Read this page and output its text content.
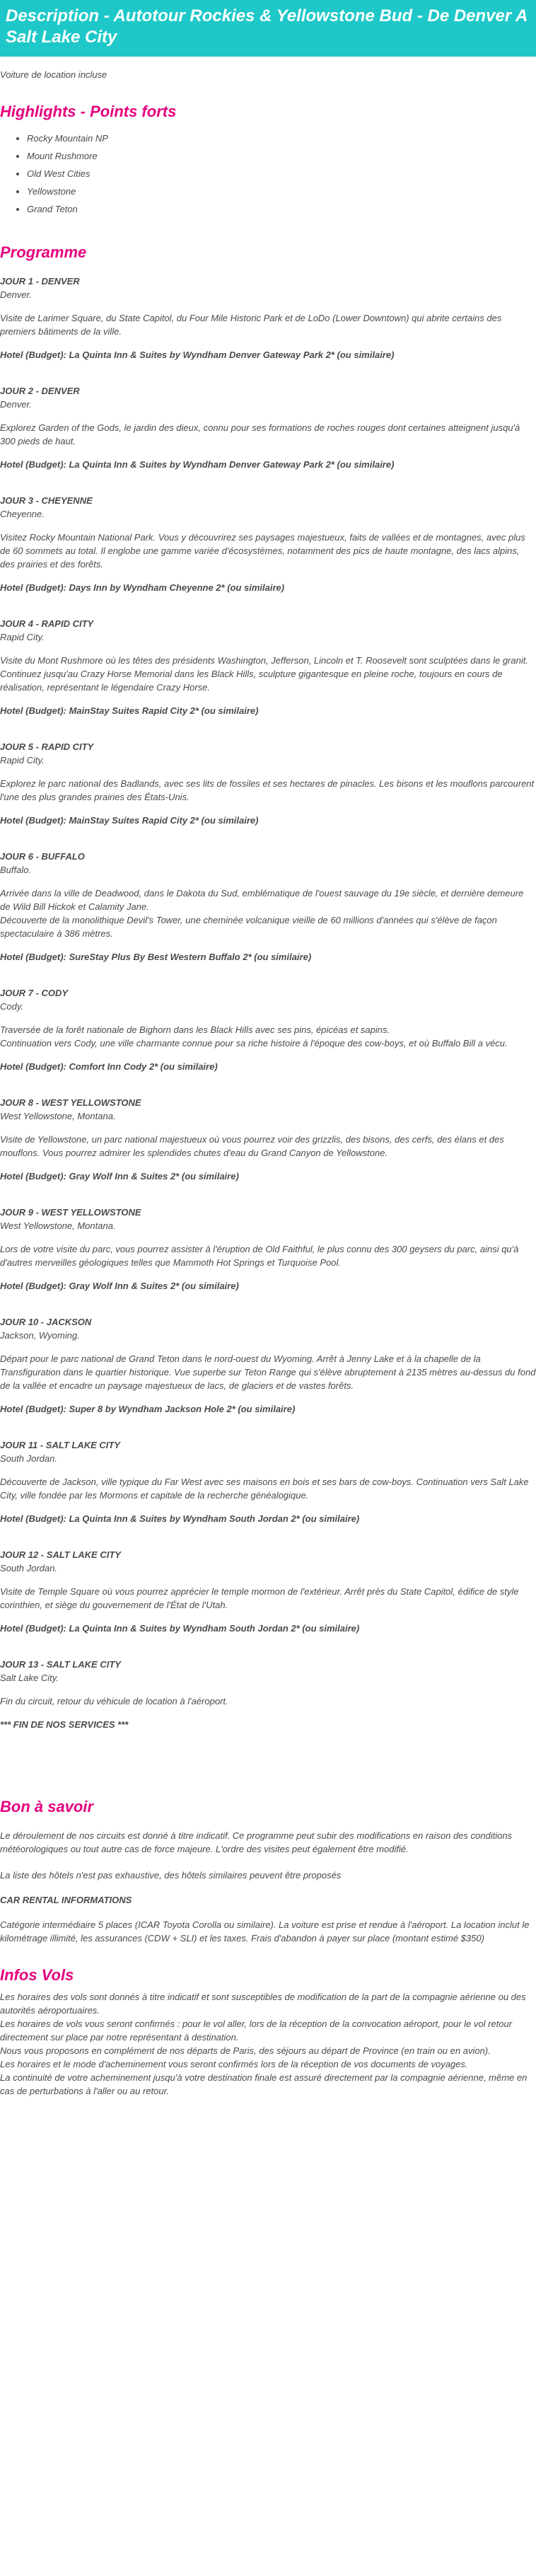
Description - Autotour Rockies & Yellowstone Bud - De Denver A Salt Lake City

Voiture de location incluse

Highlights - Points forts
• Rocky Mountain NP
• Mount Rushmore
• Old West Cities
• Yellowstone
• Grand Teton
Programme
JOUR 1 - DENVER
Denver.
Visite de Larimer Square, du State Capitol, du Four Mile Historic Park et de LoDo (Lower Downtown) qui abrite certains des premiers bâtiments de la ville.
Hotel (Budget): La Quinta Inn & Suites by Wyndham Denver Gateway Park 2* (ou similaire)
JOUR 2 - DENVER
Denver.
Explorez Garden of the Gods, le jardin des dieux, connu pour ses formations de roches rouges dont certaines atteignent jusqu'à 300 pieds de haut.
Hotel (Budget): La Quinta Inn & Suites by Wyndham Denver Gateway Park 2* (ou similaire)
JOUR 3 - CHEYENNE
Cheyenne.
Visitez Rocky Mountain National Park. Vous y découvrirez ses paysages majestueux, faits de vallées et de montagnes, avec plus de 60 sommets au total. Il englobe une gamme variée d'écosystèmes, notamment des pics de haute montagne, des lacs alpins, des prairies et des forêts.
Hotel (Budget): Days Inn by Wyndham Cheyenne 2* (ou similaire)
JOUR 4 - RAPID CITY
Rapid City.
Visite du Mont Rushmore où les têtes des présidents Washington, Jefferson, Lincoln et T. Roosevelt sont sculptées dans le granit.
Continuez jusqu'au Crazy Horse Memorial dans les Black Hills, sculpture gigantesque en pleine roche, toujours en cours de réalisation, représentant le légendaire Crazy Horse.
Hotel (Budget): MainStay Suites Rapid City 2* (ou similaire)
JOUR 5 - RAPID CITY
Rapid City.
Explorez le parc national des Badlands, avec ses lits de fossiles et ses hectares de pinacles. Les bisons et les mouflons parcourent l'une des plus grandes prairies des États-Unis.
Hotel (Budget): MainStay Suites Rapid City 2* (ou similaire)
JOUR 6 - BUFFALO
Buffalo.
Arrivée dans la ville de Deadwood, dans le Dakota du Sud, emblématique de l'ouest sauvage du 19e siècle, et dernière demeure de Wild Bill Hickok et Calamity Jane.
Découverte de la monolithique Devil's Tower, une cheminée volcanique vieille de 60 millions d'années qui s'élève de façon spectaculaire à 386 mètres.
Hotel (Budget): SureStay Plus By Best Western Buffalo 2* (ou similaire)
JOUR 7 - CODY
Cody.
Traversée de la forêt nationale de Bighorn dans les Black Hills avec ses pins, épicéas et sapins.
Continuation vers Cody, une ville charmante connue pour sa riche histoire à l'époque des cow-boys, et où Buffalo Bill a vécu.
Hotel (Budget): Comfort Inn Cody 2* (ou similaire)
JOUR 8 - WEST YELLOWSTONE
West Yellowstone, Montana.
Visite de Yellowstone, un parc national majestueux où vous pourrez voir des grizzlis, des bisons, des cerfs, des élans et des mouflons. Vous pourrez admirer les splendides chutes d'eau du Grand Canyon de Yellowstone.
Hotel (Budget): Gray Wolf Inn & Suites 2* (ou similaire)
JOUR 9 - WEST YELLOWSTONE
West Yellowstone, Montana.
Lors de votre visite du parc, vous pourrez assister à l'éruption de Old Faithful, le plus connu des 300 geysers du parc, ainsi qu'à d'autres merveilles géologiques telles que Mammoth Hot Springs et Turquoise Pool.
Hotel (Budget): Gray Wolf Inn & Suites 2* (ou similaire)
JOUR 10 - JACKSON
Jackson, Wyoming.
Départ pour le parc national de Grand Teton dans le nord-ouest du Wyoming. Arrêt à Jenny Lake et à la chapelle de la Transfiguration dans le quartier historique. Vue superbe sur Teton Range qui s'élève abruptement à 2135 mètres au-dessus du fond de la vallée et encadre un paysage majestueux de lacs, de glaciers et de vastes forêts.
Hotel (Budget): Super 8 by Wyndham Jackson Hole 2* (ou similaire)
JOUR 11 - SALT LAKE CITY
South Jordan.
Découverte de Jackson, ville typique du Far West avec ses maisons en bois et ses bars de cow-boys. Continuation vers Salt Lake City, ville fondée par les Mormons et capitale de la recherche généalogique.
Hotel (Budget): La Quinta Inn & Suites by Wyndham South Jordan 2* (ou similaire)
JOUR 12 - SALT LAKE CITY
South Jordan.
Visite de Temple Square où vous pourrez apprécier le temple mormon de l'extérieur. Arrêt près du State Capitol, édifice de style corinthien, et siège du gouvernement de l'État de l'Utah.
Hotel (Budget): La Quinta Inn & Suites by Wyndham South Jordan 2* (ou similaire)
JOUR 13 - SALT LAKE CITY
Salt Lake City.
Fin du circuit, retour du véhicule de location à l'aéroport.
*** FIN DE NOS SERVICES ***
Bon à savoir

Le déroulement de nos circuits est donné à titre indicatif. Ce programme peut subir des modifications en raison des conditions météorologiques ou tout autre cas de force majeure. L'ordre des visites peut également être modifié.

La liste des hôtels n'est pas exhaustive, des hôtels similaires peuvent être proposés

CAR RENTAL INFORMATIONS

Catégorie intermédiaire 5 places (ICAR Toyota Corolla ou similaire). La voiture est prise et rendue à l'aéroport. La location inclut le kilométrage illimité, les assurances (CDW + SLI) et les taxes. Frais d'abandon à payer sur place (montant estimé $350)

Infos Vols

Les horaires des vols sont donnés à titre indicatif et sont susceptibles de modification de la part de la compagnie aérienne ou des autorités aéroportuaires.
Les horaires de vols vous seront confirmés : pour le vol aller, lors de la réception de la convocation aéroport, pour le vol retour directement sur place par notre représentant à destination.
Nous vous proposons en complément de nos départs de Paris, des séjours au départ de Province (en train ou en avion).
Les horaires et le mode d'acheminement vous seront confirmés lors de la réception de vos documents de voyages.
La continuité de votre acheminement jusqu'à votre destination finale est assuré directement par la compagnie aérienne, même en cas de perturbations à l'aller ou au retour.
